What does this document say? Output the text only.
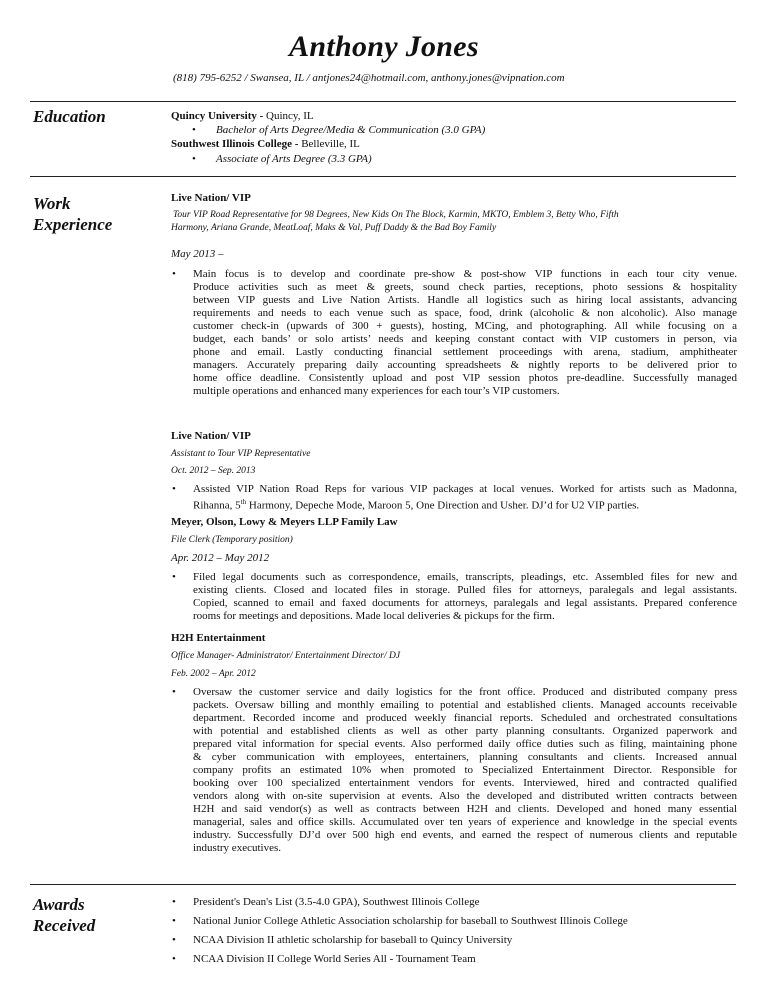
Anthony Jones
(818) 795-6252 / Swansea, IL / antjones24@hotmail.com, anthony.jones@vipnation.com
Education
Work
Experience
Awards
Received
Quincy University - Quincy, IL
• Bachelor of Arts Degree/Media & Communication (3.0 GPA)
Southwest Illinois College - Belleville, IL
• Associate of Arts Degree (3.3 GPA)
Live Nation/ VIP
Tour VIP Road Representative for 98 Degrees, New Kids On The Block, Karmin, MKTO, Emblem 3, Betty Who, Fifth
Harmony, Ariana Grande, MeatLoaf, Maks & Val, Puff Daddy & the Bad Boy Family
May 2013 –
• Main focus is to develop and coordinate pre-show & post-show VIP functions in each tour city venue.
Produce activities such as meet & greets, sound check parties, receptions, photo sessions & hospitality
between VIP guests and Live Nation Artists. Handle all logistics such as hiring local assistants, advancing
requirements and needs to each venue such as space, food, drink (alcoholic & non alcoholic). Also manage
customer check-in (upwards of 300 + guests), hosting, MCing, and photographing. All while focusing on a
budget, each bands’ or solo artists’ needs and keeping constant contact with VIP customers in person, via
phone and email. Lastly conducting financial settlement proceedings with arena, stadium, amphitheater
managers. Accurately preparing daily accounting spreadsheets & nightly reports to be delivered prior to
home office deadline. Consistently upload and post VIP session photos pre-deadline. Successfully managed
multiple operations and enhanced many experiences for each tour’s VIP customers.
Live Nation/ VIP
Assistant to Tour VIP Representative
Oct. 2012 – Sep. 2013
• Assisted VIP Nation Road Reps for various VIP packages at local venues. Worked for artists such as Madonna,
Rihanna, 5th Harmony, Depeche Mode, Maroon 5, One Direction and Usher. DJ’d for U2 VIP parties.
Meyer, Olson, Lowy & Meyers LLP Family Law
File Clerk (Temporary position)
Apr. 2012 – May 2012
• Filed legal documents such as correspondence, emails, transcripts, pleadings, etc. Assembled files for new and
existing clients. Closed and located files in storage. Pulled files for attorneys, paralegals and legal assistants.
Copied, scanned to email and faxed documents for attorneys, paralegals and legal assistants. Prepared conference
rooms for meetings and depositions. Made local deliveries & pickups for the firm.
H2H Entertainment
Office Manager- Administrator/ Entertainment Director/ DJ
Feb. 2002 – Apr. 2012
• Oversaw the customer service and daily logistics for the front office. Produced and distributed company press
packets. Oversaw billing and monthly emailing to potential and established clients. Managed accounts receivable
department. Recorded income and produced weekly financial reports. Scheduled and orchestrated consultations
with potential and established clients as well as other party planning consultants. Organized paperwork and
prepared vital information for special events. Also performed daily office duties such as filing, maintaining phone
& cyber communication with employees, entertainers, planning consultants and clients. Increased annual
company profits an estimated 10% when promoted to Specialized Entertainment Director. Responsible for
booking over 100 specialized entertainment vendors for events. Interviewed, hired and contracted qualified
vendors along with on-site supervision at events. Also the developed and distributed written contracts between
H2H and said vendor(s) as well as contracts between H2H and clients. Developed and honed many essential
managerial, sales and office skills. Accumulated over ten years of experience and knowledge in the special events
industry. Successfully DJ’d over 500 high end events, and earned the respect of numerous clients and reputable
industry executives.
• President's Dean's List (3.5-4.0 GPA), Southwest Illinois College
• National Junior College Athletic Association scholarship for baseball to Southwest Illinois College
• NCAA Division II athletic scholarship for baseball to Quincy University
• NCAA Division II College World Series All - Tournament Team
